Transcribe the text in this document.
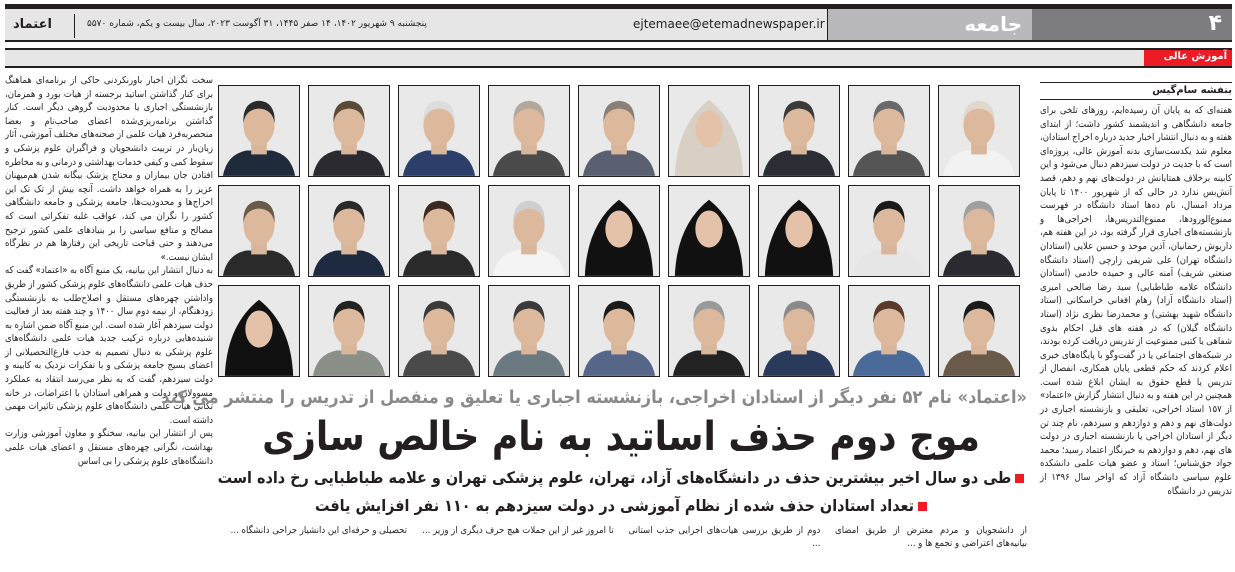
اعتماد	پنجشنبه ۹ شهریور ۱۴۰۲، ۱۴ صفر ۱۴۴۵، ۳۱ آگوست ۲۰۲۳، سال بیست و یکم، شماره ۵۵۷۰	ejtemaee@etemadnewspaper.ir	جامعه	۴
آموزش عالی
بنفشه سام‌گیس
هفته‌ای که به پایان آن رسیده‌ایم، روزهای تلخی برای جامعه دانشگاهی و اندیشمند کشور داشت؛ از ابتدای هفته و به دنبال انتشار اخبار جدید درباره اخراج استادان، معلوم شد یکدست‌سازی بدنه آموزش عالی، پروژه‌ای است که با جدیت در دولت سیزدهم دنبال می‌شود و این کابینه برخلاف همتایانش در دولت‌های نهم و دهم، قصد آتش‌بس ندارد در حالی که از شهریور ۱۴۰۰ تا پایان مرداد امسال، نام ده‌ها استاد دانشگاه در فهرست ممنوع‌الورودها، ممنوع‌التدریس‌ها، اخراجی‌ها و بازنشسته‌های اجباری قرار گرفته بود، در این هفته هم، داریوش رحمانیان، آذین موحد و حسین علایی (استادان دانشگاه تهران) علی شریفی زارچی (استاد دانشگاه صنعتی شریف) آمنه عالی و حمیده خادمی (استادان دانشگاه علامه طباطبایی) سید رضا صالحی امیری (استاد دانشگاه آزاد) رهام افغانی خراسکانی (استاد دانشگاه شهید بهشتی) و محمدرضا نظری نژاد (استاد دانشگاه گیلان) که در هفته های قبل احکام بدوی شفاهی یا کتبی ممنوعیت از تدریس دریافت کرده بودند، در شبکه‌های اجتماعی یا در گفت‌وگو با پایگاه‌های خبری اعلام کردند که حکم قطعی پایان همکاری، انفصال از تدریس یا قطع حقوق به ایشان ابلاغ شده است. همچنین در این هفته و به دنبال انتشار گزارش «اعتماد» از ۱۵۷ استاد اخراجی، تعلیقی و بازنشسته اجباری در دولت‌های نهم و دهم و دوازدهم و سیزدهم، نام چند تن دیگر از استادان اخراجی یا بازنشسته اجباری در دولت های نهم، دهم و دوازدهم به خبرنگار اعتماد رسید؛ محمد جواد حق‌شناس؛ استاد و عضو هیات علمی دانشکده علوم سیاسی دانشگاه آزاد که اواخر سال ۱۳۹۶ از تدریس در دانشگاه

سخت نگران اخبار باورنکردنی حاکی از برنامه‌ای هماهنگ برای کنار گذاشتن اساتید برجسته از هیات بورد و همزمان، بازنشستگی اجباری یا محدودیت گروهی دیگر است. کنار گذاشتن برنامه‌ریزی‌شده اعضای صاحب‌نام و بعضا منحصربه‌فرد هیات علمی از صحنه‌های مختلف آموزشی، آثار زیان‌بار در تربیت دانشجویان و فراگیران علوم پزشکی و سقوط کمی و کیفی خدمات بهداشتی و درمانی و به مخاطره افتادن جان بیماران و محتاج پزشک بیگانه شدن هم‌میهنان عزیز را به همراه خواهد داشت. آنچه بیش از تک تک این اخراج‌ها و محدودیت‌ها، جامعه پزشکی و جامعه دانشگاهی کشور را نگران می کند، عواقب غلبه تفکراتی است که مصالح و منافع سیاسی را بر بنیادهای علمی کشور ترجیح می‌دهند و حتی قباحت تاریخی این رفتارها هم در نظرگاه ایشان نیست.»

به دنبال انتشار این بیانیه، یک منبع آگاه به «اعتماد» گفت که حذف هیات علمی دانشگاه‌های علوم پزشکی کشور از طریق واداشتن چهره‌های مستقل و اصلاح‌طلب به بازنشستگی زودهنگام، از نیمه دوم سال ۱۴۰۰ و چند هفته بعد از فعالیت دولت سیزدهم آغاز شده است. این منبع آگاه ضمن اشاره به شنیده‌هایی درباره ترکیب جدید هیات علمی دانشگاه‌های علوم پزشکی به دنبال تصمیم به جذب فارغ‌التحصیلانی از اعضای بسیج جامعه پزشکی و با تفکرات نزدیک به کابینه و دولت سیزدهم، گفت که به نظر می‌رسد انتقاد به عملکرد مسوولان و دولت و همراهی استادان با اعتراضات، در خانه تکانی هیات علمی دانشگاه‌های علوم پزشکی تاثیرات مهمی داشته است.

پس از انتشار این بیانیه، سخنگو و معاون آموزشی وزارت بهداشت، نگرانی چهره‌های مستقل و اعضای هیات علمی دانشگاه‌های علوم پزشکی را بی اساس

«اعتماد» نام ۵۲ نفر دیگر از استادان اخراجی، بازنشسته اجباری یا تعلیق و منفصل از تدریس را منتشر می کند
موج دوم حذف اساتید به نام خالص سازی
طی دو سال اخیر بیشترین حذف در دانشگاه‌های آزاد، تهران، علوم پزشکی تهران و علامه طباطبایی رخ داده است
تعداد استادان حذف شده از نظام آموزشی در دولت سیزدهم به ۱۱۰ نفر افزایش یافت
از دانشجویان و مردم معترض از طریق امضای بیانیه‌های اعتراضی و تجمع ها و ...
دوم از طریق بررسی هیات‌های اجرایی جذب استانی ...
تا امروز غیر از این جملات هیچ حرف دیگری از وزیر ...
تحصیلی و حرفه‌ای این دانشیار جراحی دانشگاه ...
